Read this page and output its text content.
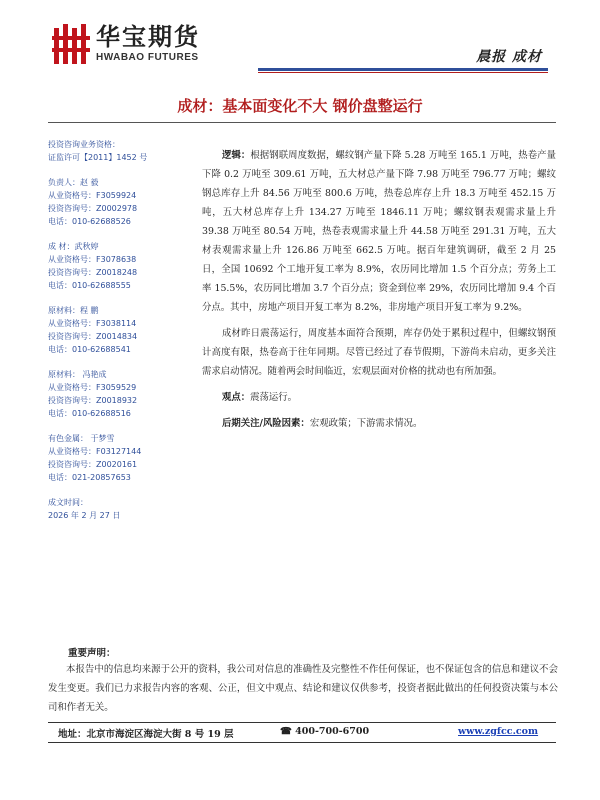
华宝期货
HWABAO FUTURES	晨报 成材
成材：基本面变化不大 钢价盘整运行
投资咨询业务资格：
证监许可【2011】1452 号
负责人：赵 毅
从业资格号：F3059924
投资咨询号：Z0002978
电话：010-62688526
成 材：武秋婷
从业资格号：F3078638
投资咨询号：Z0018248
电话：010-62688555
原材料：程 鹏
从业资格号：F3038114
投资咨询号：Z0014834
电话：010-62688541
原材料： 冯艳成
从业资格号：F3059529
投资咨询号：Z0018932
电话：010-62688516
有色金属： 于梦雪
从业资格号：F03127144
投资咨询号：Z0020161
电话：021-20857653
成文时间：
2026 年 2 月 27 日

逻辑：根据钢联周度数据，螺纹钢产量下降 5.28 万吨至 165.1 万吨，热卷产量下降 0.2 万吨至 309.61 万吨，五大材总产量下降 7.98 万吨至 796.77 万吨；螺纹钢总库存上升 84.56 万吨至 800.6 万吨，热卷总库存上升 18.3 万吨至 452.15 万吨，五大材总库存上升 134.27 万吨至 1846.11 万吨；螺纹钢表观需求量上升 39.38 万吨至 80.54 万吨，热卷表观需求量上升 44.58 万吨至 291.31 万吨，五大材表观需求量上升 126.86 万吨至 662.5 万吨。据百年建筑调研，截至 2 月 25 日，全国 10692 个工地开复工率为 8.9%，农历同比增加 1.5 个百分点；劳务上工率 15.5%，农历同比增加 3.7 个百分点；资金到位率 29%，农历同比增加 9.4 个百分点。其中，房地产项目开复工率为 8.2%，非房地产项目开复工率为 9.2%。

成材昨日震荡运行，周度基本面符合预期，库存仍处于累积过程中，但螺纹钢预计高度有限，热卷高于往年同期。尽管已经过了春节假期，下游尚未启动，更多关注需求启动情况。随着两会时间临近，宏观层面对价格的扰动也有所加强。

观点：震荡运行。

后期关注/风险因素：宏观政策；下游需求情况。

重要声明：
本报告中的信息均来源于公开的资料，我公司对信息的准确性及完整性不作任何保证，也不保证包含的信息和建议不会发生变更。我们已力求报告内容的客观、公正，但文中观点、结论和建议仅供参考，投资者据此做出的任何投资决策与本公司和作者无关。
地址：北京市海淀区海淀大街 8 号 19 层	☎ 400-700-6700	www.zgfcc.com
